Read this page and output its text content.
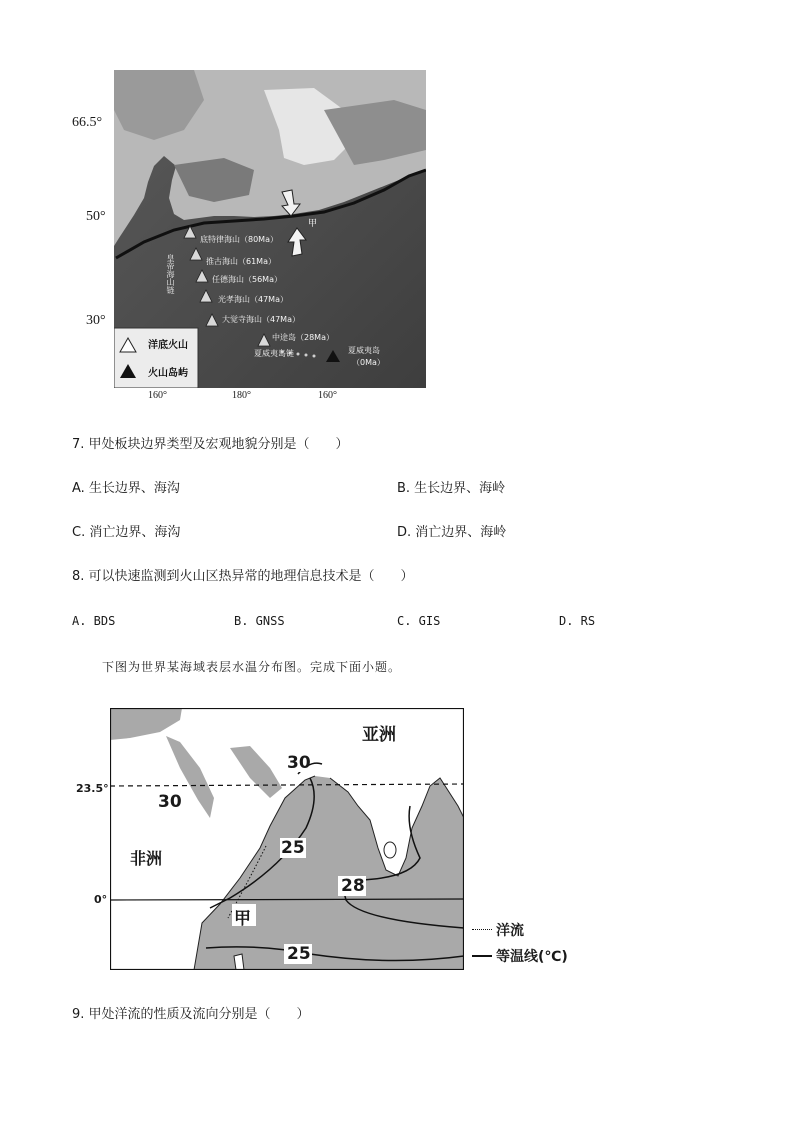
66.5°
50°
30°
160°	180°	160°
甲
皇帝海山链
底特律海山（80Ma）
推古海山（61Ma）
任德海山（56Ma）
光孝海山（47Ma）
大觉寺海山（47Ma）
中途岛（28Ma）
夏威夷岛链	夏威夷岛
（0Ma）
洋底火山
火山岛屿
7. 甲处板块边界类型及宏观地貌分别是（　　）
A. 生长边界、海沟	B. 生长边界、海岭
C. 消亡边界、海沟	D. 消亡边界、海岭
8. 可以快速监测到火山区热异常的地理信息技术是（　　）
A. BDS	B. GNSS	C. GIS	D. RS
下图为世界某海域表层水温分布图。完成下面小题。
亚洲
非洲
23.5°
0°
30
30
25
28
25
甲
洋流
等温线(℃)
9. 甲处洋流的性质及流向分别是（　　）
